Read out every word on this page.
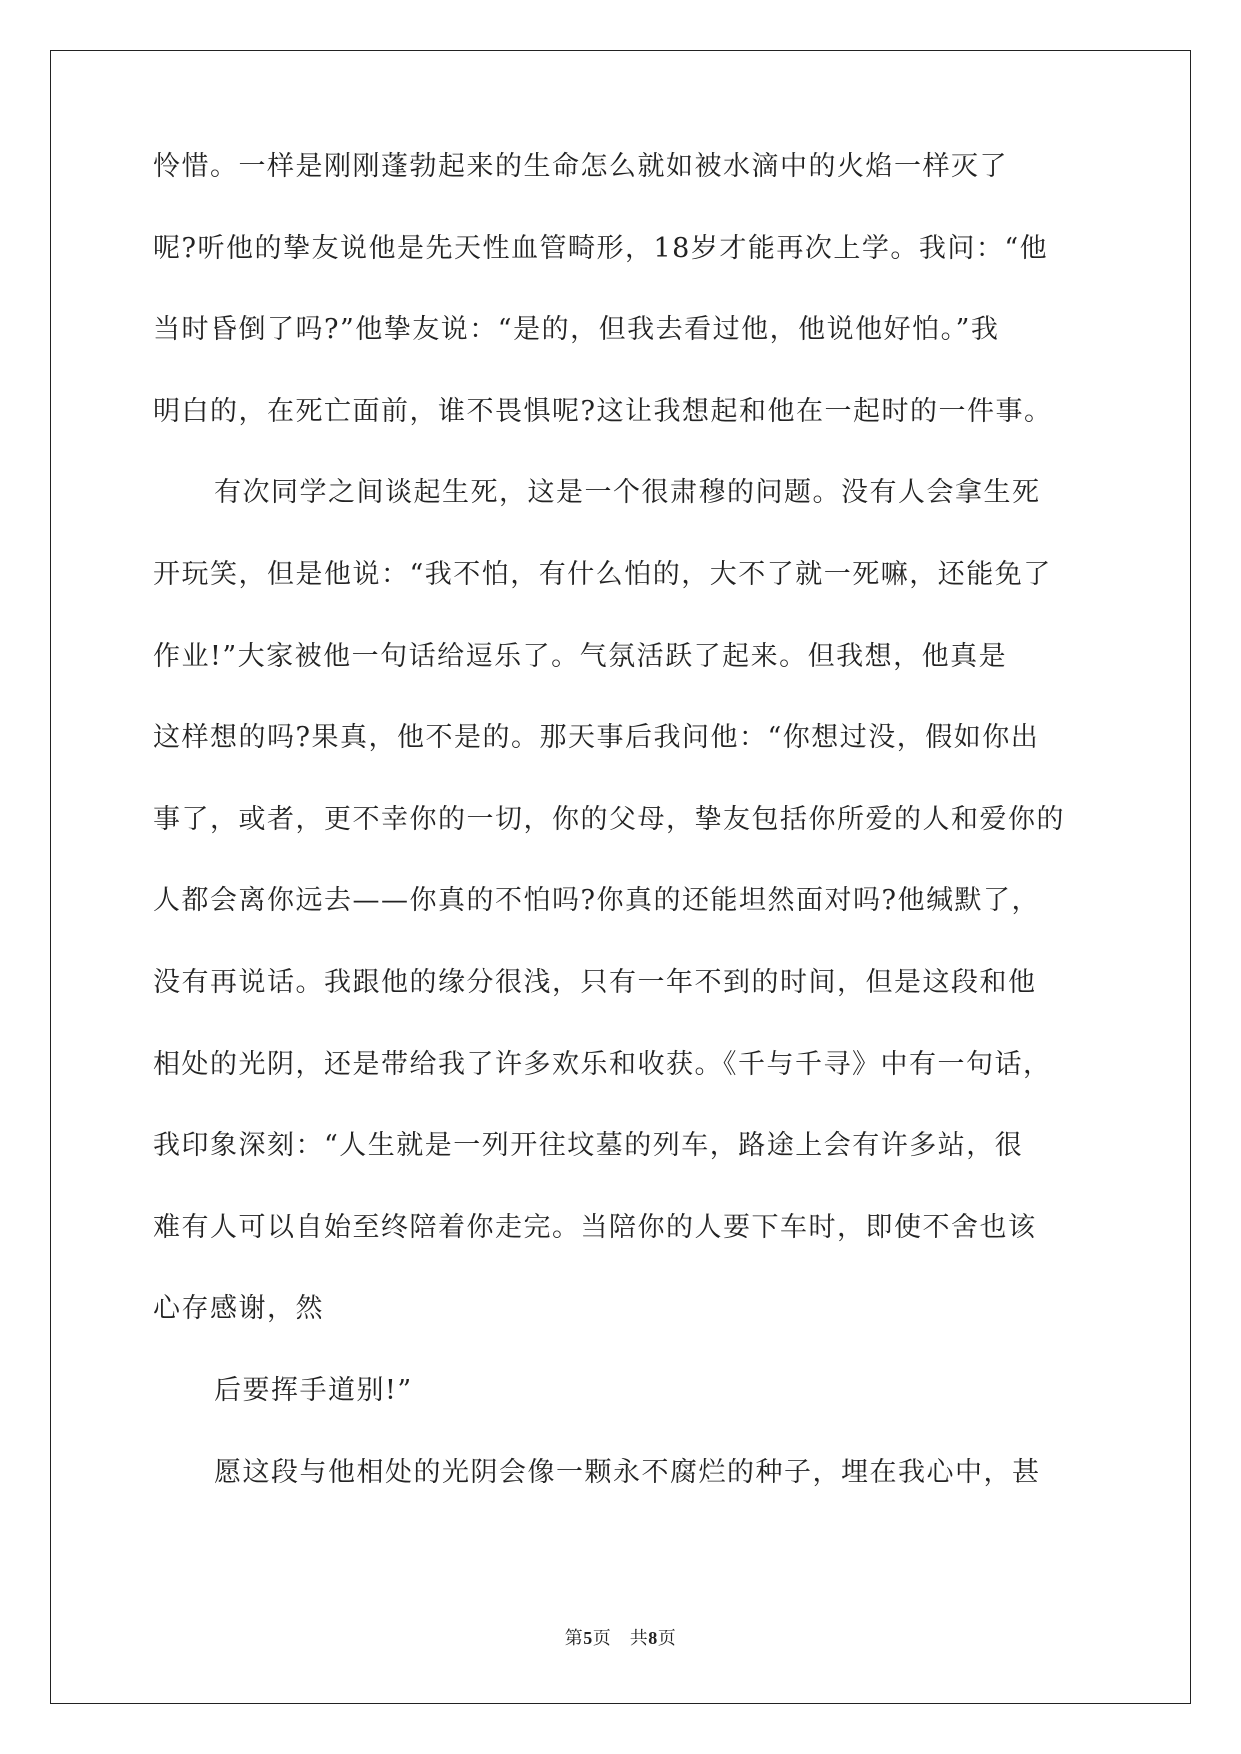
怜惜。一样是刚刚蓬勃起来的生命怎么就如被水滴中的火焰一样灭了
呢?听他的挚友说他是先天性血管畸形，18岁才能再次上学。我问：“他
当时昏倒了吗?”他挚友说：“是的，但我去看过他，他说他好怕。”我
明白的，在死亡面前，谁不畏惧呢?这让我想起和他在一起时的一件事。
有次同学之间谈起生死，这是一个很肃穆的问题。没有人会拿生死
开玩笑，但是他说：“我不怕，有什么怕的，大不了就一死嘛，还能免了
作业!”大家被他一句话给逗乐了。气氛活跃了起来。但我想，他真是
这样想的吗?果真，他不是的。那天事后我问他：“你想过没，假如你出
事了，或者，更不幸你的一切，你的父母，挚友包括你所爱的人和爱你的
人都会离你远去——你真的不怕吗?你真的还能坦然面对吗?他缄默了，
没有再说话。我跟他的缘分很浅，只有一年不到的时间，但是这段和他
相处的光阴，还是带给我了许多欢乐和收获。《千与千寻》中有一句话，
我印象深刻：“人生就是一列开往坟墓的列车，路途上会有许多站，很
难有人可以自始至终陪着你走完。当陪你的人要下车时，即使不舍也该
心存感谢，然
后要挥手道别!”
愿这段与他相处的光阴会像一颗永不腐烂的种子，埋在我心中，甚
第5页　共8页
